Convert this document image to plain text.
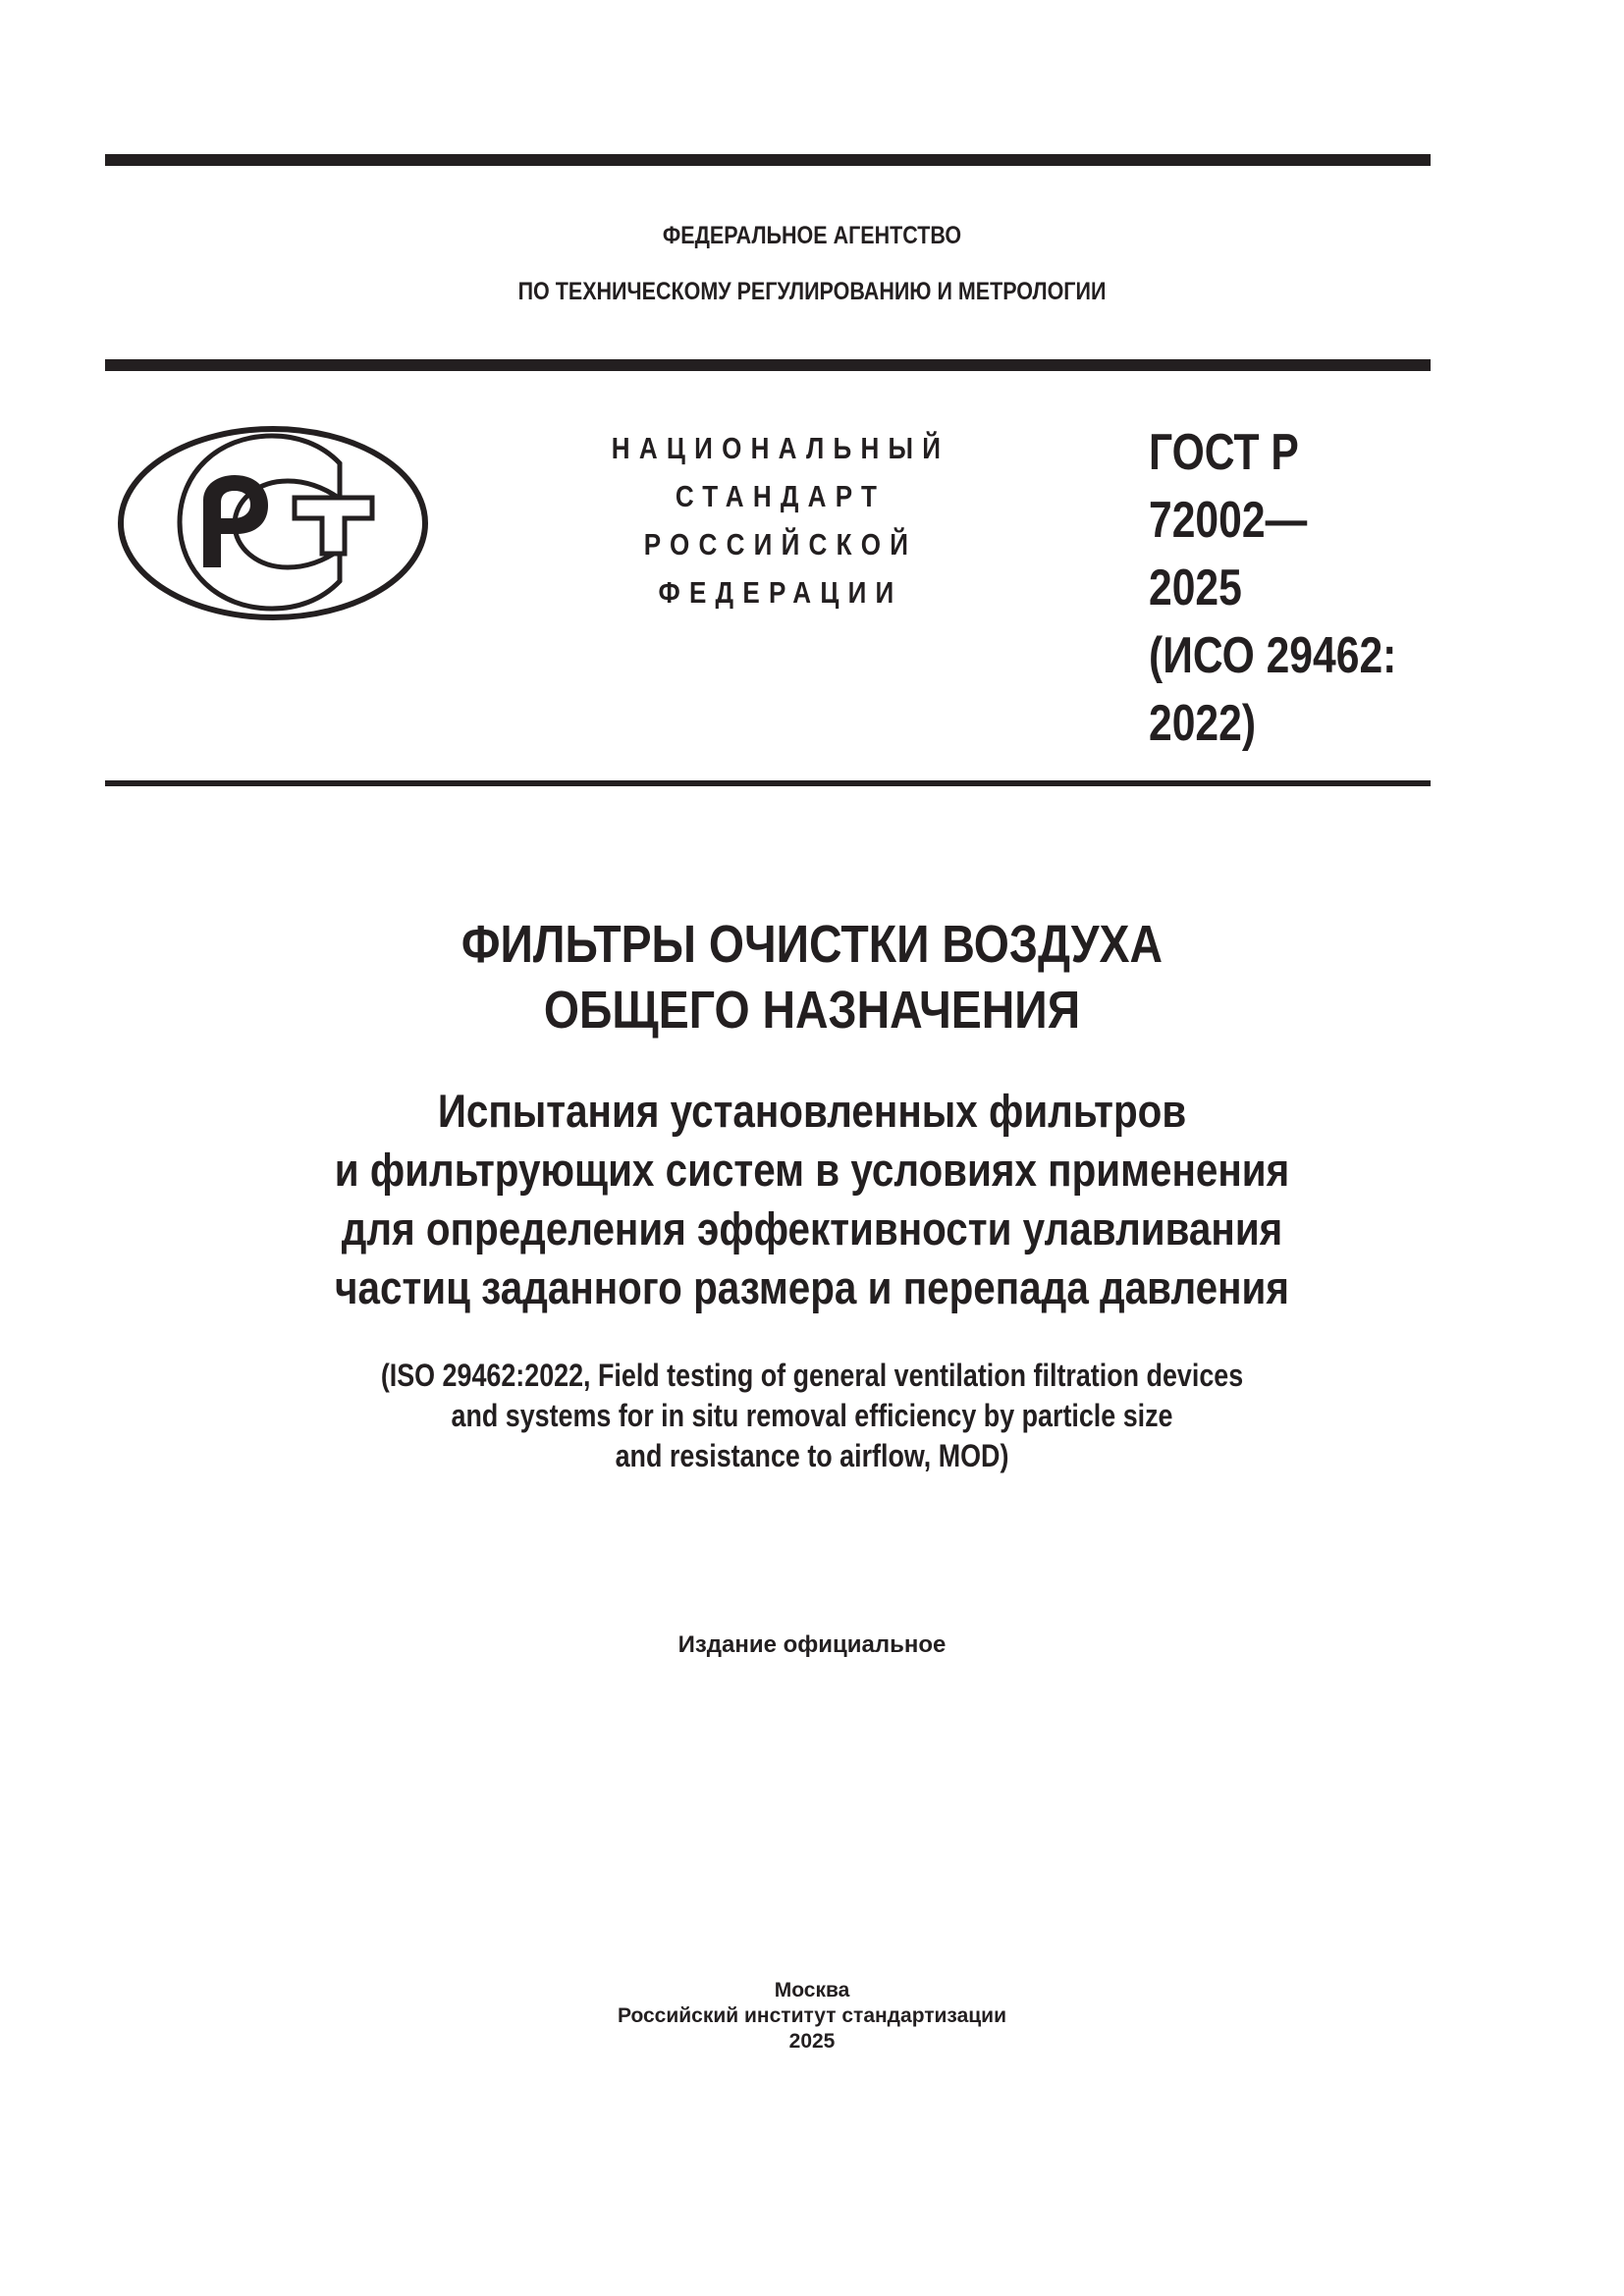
ФЕДЕРАЛЬНОЕ АГЕНТСТВО
ПО ТЕХНИЧЕСКОМУ РЕГУЛИРОВАНИЮ И МЕТРОЛОГИИ
НАЦИОНАЛЬНЫЙ
СТАНДАРТ
РОССИЙСКОЙ
ФЕДЕРАЦИИ
ГОСТ Р
72002—
2025
(ИСО 29462:
2022)
ФИЛЬТРЫ ОЧИСТКИ ВОЗДУХА
ОБЩЕГО НАЗНАЧЕНИЯ
Испытания установленных фильтров
и фильтрующих систем в условиях применения
для определения эффективности улавливания
частиц заданного размера и перепада давления
(ISO 29462:2022, Field testing of general ventilation filtration devices
and systems for in situ removal efficiency by particle size
and resistance to airflow, MOD)
Издание официальное
Москва
Российский институт стандартизации
2025
